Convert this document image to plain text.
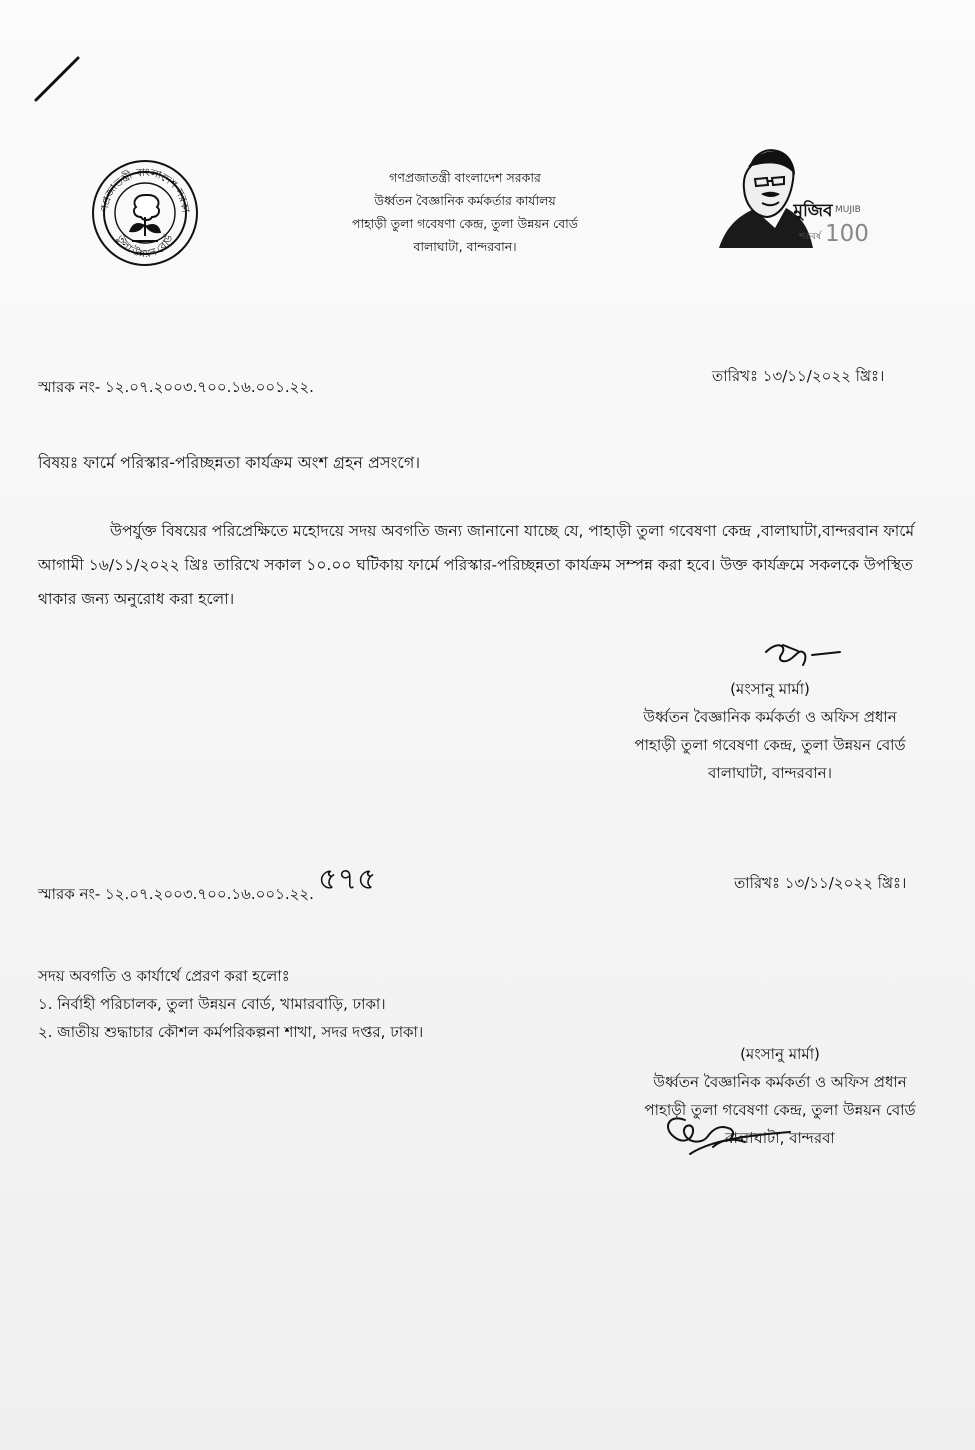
ণপ্রজাতন্ত্রী বাংলাদেশ সরকা
তুলা উন্নয়ন বোর্ড
গণপ্রজাতন্ত্রী বাংলাদেশ সরকার
উর্ধ্বতন বৈজ্ঞানিক কর্মকর্তার কার্যালয়
পাহাড়ী তুলা গবেষণা কেন্দ্র, তুলা উন্নয়ন বোর্ড
বালাঘাটা, বান্দরবান।
মুজিব MUJIB
শতবর্ষ 100
স্মারক নং- ১২.০৭.২০০৩.৭০০.১৬.০০১.২২.
তারিখঃ ১৩/১১/২০২২ খ্রিঃ।
বিষয়ঃ ফার্মে পরিস্কার-পরিচ্ছন্নতা কার্যক্রম অংশ গ্রহন প্রসংগে।
উপর্যুক্ত বিষয়ের পরিপ্রেক্ষিতে মহোদয়ে সদয় অবগতি জন্য জানানো যাচ্ছে যে, পাহাড়ী তুলা গবেষণা কেন্দ্র ,বালাঘাটা,বান্দরবান ফার্মে আগামী ১৬/১১/২০২২ খ্রিঃ তারিখে সকাল ১০.০০ ঘটিকায় ফার্মে পরিস্কার-পরিচ্ছন্নতা কার্যক্রম সম্পন্ন করা হবে। উক্ত কার্যক্রমে সকলকে উপস্থিত থাকার জন্য অনুরোধ করা হলো।
(মংসানু মার্মা)
উর্ধ্বতন বৈজ্ঞানিক কর্মকর্তা ও অফিস প্রধান
পাহাড়ী তুলা গবেষণা কেন্দ্র, তুলা উন্নয়ন বোর্ড
বালাঘাটা, বান্দরবান।
স্মারক নং- ১২.০৭.২০০৩.৭০০.১৬.০০১.২২. ৫৭৫	তারিখঃ ১৩/১১/২০২২ খ্রিঃ।
সদয় অবগতি ও কার্যার্থে প্রেরণ করা হলোঃ
১. নির্বাহী পরিচালক, তুলা উন্নয়ন বোর্ড, খামারবাড়ি, ঢাকা।
২. জাতীয় শুদ্ধাচার কৌশল কর্মপরিকল্পনা শাখা, সদর দপ্তর, ঢাকা।
(মংসানু মার্মা)
উর্ধ্বতন বৈজ্ঞানিক কর্মকর্তা ও অফিস প্রধান
পাহাড়ী তুলা গবেষণা কেন্দ্র, তুলা উন্নয়ন বোর্ড
বালাঘাটা, বান্দরবা
